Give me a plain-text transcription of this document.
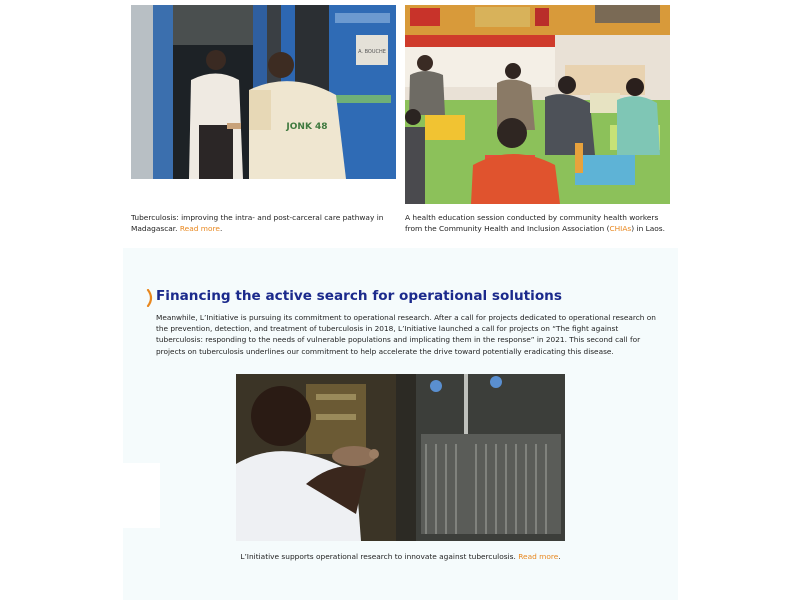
A. BOUCHE
JONK 48

Tuberculosis: improving the intra- and post-carceral care pathway in Madagascar. Read more.

A health education session conducted by community health workers from the Community Health and Inclusion Association (CHIAs) in Laos.

Financing the active search for operational solutions

Meanwhile, L’Initiative is pursuing its commitment to operational research. After a call for projects dedicated to operational research on the prevention, detection, and treatment of tuberculosis in 2018, L’Initiative launched a call for projects on “The fight against tuberculosis: responding to the needs of vulnerable populations and implicating them in the response” in 2021. This second call for projects on tuberculosis underlines our commitment to help accelerate the drive toward potentially eradicating this disease.

L’Initiative supports operational research to innovate against tuberculosis. Read more.
